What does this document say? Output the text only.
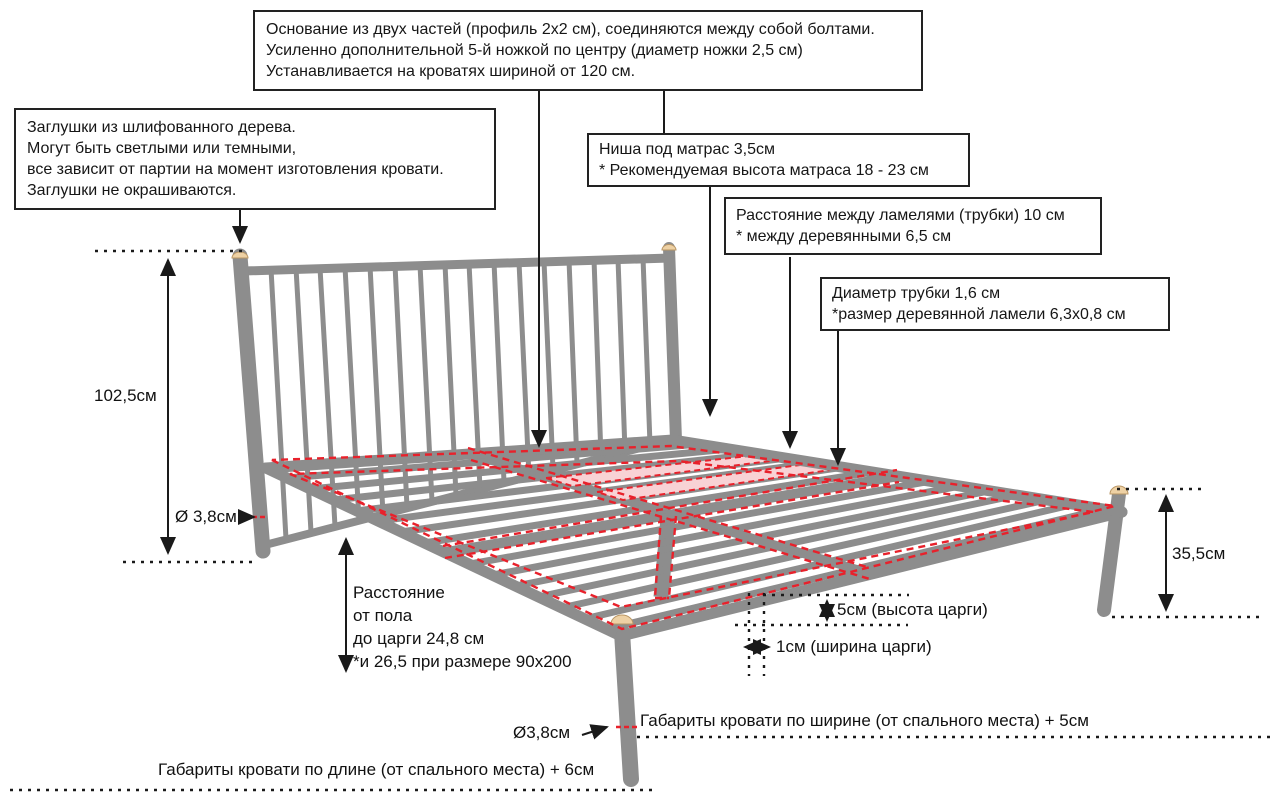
Основание из двух частей (профиль 2x2 см), соединяются между собой болтами.
Усиленно дополнительной 5-й ножкой по центру (диаметр ножки 2,5 см)
Устанавливается на кроватях шириной от 120 см.
Заглушки из шлифованного дерева.
Могут быть светлыми или темными,
все зависит от партии на момент изготовления кровати.
Заглушки не окрашиваются.
Ниша под матрас 3,5см
* Рекомендуемая высота матраса 18 - 23 см
Расстояние между ламелями (трубки) 10 см
* между деревянными 6,5 см
Диаметр трубки 1,6 см
*размер деревянной ламели 6,3x0,8 см
102,5см
Ø 3,8см
35,5см
Расстояние
от пола
до царги 24,8 см
*и 26,5 при размере 90x200
5см (высота царги)
1см (ширина царги)
Ø3,8см
Габариты кровати по ширине (от спального места) + 5см
Габариты кровати по длине (от спального места) + 6см
